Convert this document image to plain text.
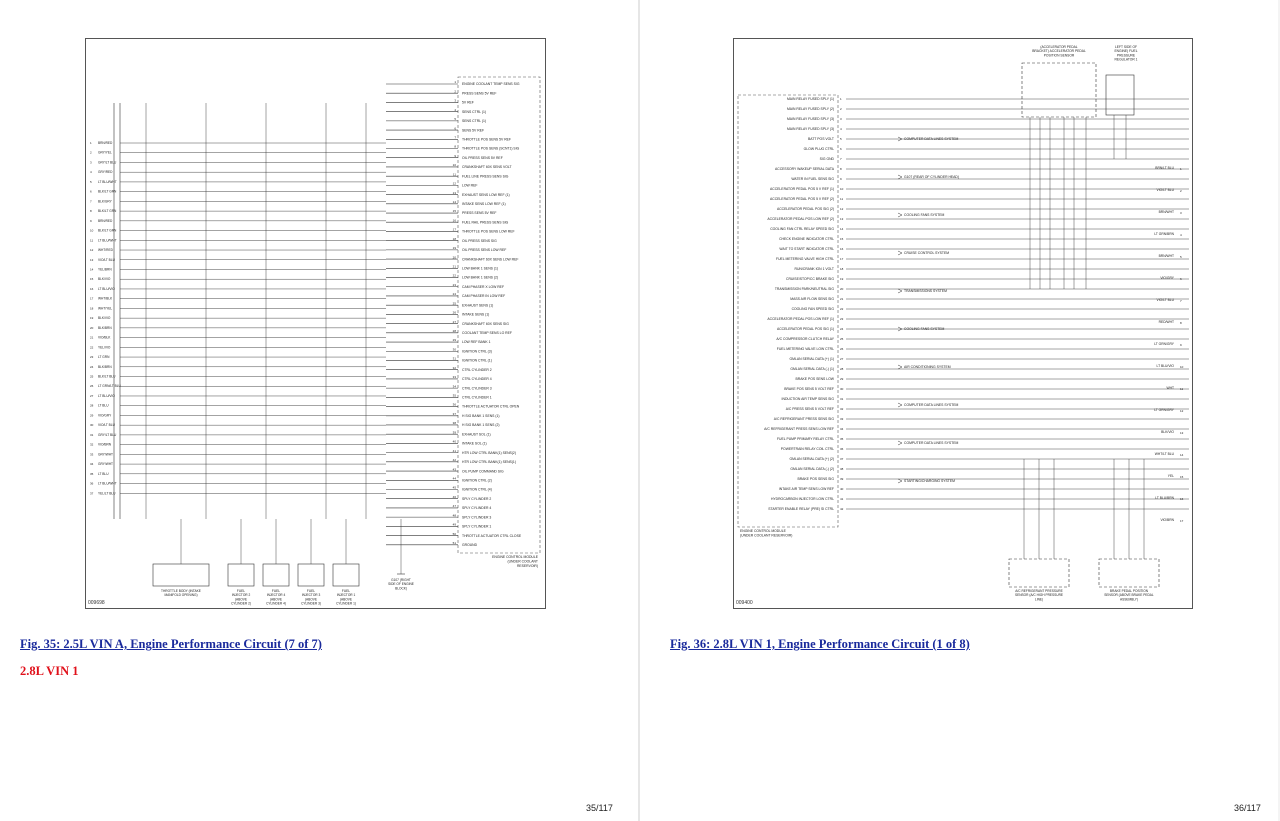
1 ENGINE COOLANT TEMP SENS SIG
2 PRESS SENS 5V REF
3 5V REF
4 SENS CTRL (1)
5 SENS CTRL (1)
6 SENS 5V REF
7 THROTTLE POS SENS 5V REF
8 THROTTLE POS SENS (SCNT1) SIG
9 OIL PRESS SENS 5V REF
10 CRANKSHAFT 60X SENS VOLT
11 FUEL LINE PRESS SENS SIG
12 LOW REF
13 EXHAUST SENS LOW REF (1)
14 INTAKE SENS LOW REF (1)
15 PRESS SENS 5V REF
16 FUEL RAIL PRESS SENS SIG
17 THROTTLE POS SENS LOW REF
18 OIL PRESS SENS SIG
19 OIL PRESS SENS LOW REF
20 CRANKSHAFT 60X SENS LOW REF
21 LOW BANK 1 SENS (1)
22 LOW BANK 1 SENS (2)
23 CAM PHASER X LOW REF
24 CAM PHASER IN LOW REF
25 EXHAUST SENS (1)
26 INTAKE SENS (1)
27 CRANKSHAFT 60X SENS SIG
28 COOLANT TEMP SENS LO REF
29 LOW REF BANK 1
30 IGNITION CTRL (3)
31 IGNITION CTRL (1)
32 CTRL CYLINDER 2
33 CTRL CYLINDER 4
34 CTRL CYLINDER 3
35 CTRL CYLINDER 1
36 THROTTLE ACTUATOR CTRL OPEN
37 H SIG BANK 1 SENS (1)
38 H SIG BANK 1 SENS (2)
39 EXHAUST SOL (1)
40 INTAKE SOL (1)
41 HTR LOW CTRL BANK(1) SENS(2)
42 HTR LOW CTRL BANK(1) SENS(1)
43 OIL PUMP COMMAND SIG
44 IGNITION CTRL (2)
45 IGNITION CTRL (4)
46 SPLY CYLINDER 2
47 SPLY CYLINDER 4
48 SPLY CYLINDER 3
49 SPLY CYLINDER 1
50 THROTTLE ACTUATOR CTRL CLOSE
51 GROUND
ENGINE CONTROL MODULE
(UNDER COOLANT
RESERVOIR)
1 BRN/RED
2 GRY/YEL
3 GRY/LT BLU
4 GRY/RED
5 LT BLU/WHT
6 BLK/LT GRN
7 BLK/GRY
8 BLK/LT GRN
9 BRN/RED
10 BLK/LT GRN
11 LT BLU/WHT
12 WHT/RED
13 VIO/LT BLU
14 YEL/BRN
15 BLK/VIO
16 LT BLU/VIO
17 WHT/BLK
18 WHT/YEL
19 BLK/VIO
20 BLK/BRN
21 VIO/BLK
22 YEL/VIO
23 LT GRN
24 BLK/BRN
25 BLK/LT BLU
26 LT GRN/LT BLU
27 LT BLU/VIO
28 LT BLU
29 VIO/GRY
30 VIO/LT BLU
31 GRY/LT BLU
32 VIO/BRN
33 GRY/WHT
34 GRY/WHT
35 LT BLU
36 LT BLU/WHT
37 YEL/LT BLU
THROTTLE BODY (INTAKE
MANIFOLD OPENING)
FUEL
INJECTOR 2
(ABOVE
CYLINDER 2)
FUEL
INJECTOR 4
(ABOVE
CYLINDER 4)
FUEL
INJECTOR 3
(ABOVE
CYLINDER 3)
FUEL
INJECTOR 1
(ABOVE
CYLINDER 1)
G107 (RIGHT
SIDE OF ENGINE
BLOCK)
009698
Fig. 35: 2.5L VIN A, Engine Performance Circuit (7 of 7)
2.8L VIN 1
35/117
MAIN RELAY FUSED SPLY (1) 1
MAIN RELAY FUSED SPLY (2) 2
MAIN RELAY FUSED SPLY (3) 3
MAIN RELAY FUSED SPLY (3) 4
BATT POS VOLT 5
GLOW PLUG CTRL 6
SIG GND 7
ACCESSORY WAKEUP SERIAL DATA 8
WATER IN FUEL SENS SIG 9
ACCELERATOR PEDAL POS 5 V REF (1) 10
ACCELERATOR PEDAL POS 5 V REF (2) 11
ACCELERATOR PEDAL POS SIG (2) 12
ACCELERATOR PEDAL POS LOW REF (2) 13
COOLING FAN CTRL RELAY SPEED SIG 14
CHECK ENGINE INDICATOR CTRL 15
WAIT TO START INDICATOR CTRL 16
FUEL METERING VALVE HIGH CTRL 17
RUN/CRANK IGN 1 VOLT 18
CRUISE/STOP/CC BRAKE SIG 19
TRANSMISSION PARK/NEUTRAL SIG 20
MASS AIR FLOW SENS SIG 21
COOLING FAN SPEED SIG 22
ACCELERATOR PEDAL POS LOW REF (1) 23
ACCELERATOR PEDAL POS SIG (1) 24
A/C COMPRESSOR CLUTCH RELAY 25
FUEL METERING VALVE LOW CTRL 26
GMLAN SERIAL DATA (+) (1) 27
GMLAN SERIAL DATA (-) (1) 28
BRAKE POS SENS LOW 29
BRAKE POS SENS 5 VOLT REF 30
INDUCTION AIR TEMP SENS SIG 31
A/C PRESS SENS 5 VOLT REF 32
A/C REFRIGERANT PRESS SENS SIG 33
A/C REFRIGERANT PRESS SENS LOW REF 34
FUEL PUMP PRIMARY RELAY CTRL 35
POWERTRAIN RELAY COIL CTRL 36
GMLAN SERIAL DATA (+) (2) 37
GMLAN SERIAL DATA (-) (2) 38
BRAKE POS SENS SIG 39
INTAKE AIR TEMP SENS LOW REF 40
HYDROCARBON INJECTOR LOW CTRL 41
STARTER ENABLE RELAY (PRE) SI CTRL 42
ENGINE CONTROL MODULE
(UNDER COOLANT RESERVOIR)
COMPUTER DATA LINES SYSTEM
G107 (REAR OF CYLINDER HEAD)
COOLING FANS SYSTEM
CRUISE CONTROL SYSTEM
TRANSMISSIONS SYSTEM
COOLING FANS SYSTEM
AIR CONDITIONING SYSTEM
COMPUTER DATA LINES SYSTEM
COMPUTER DATA LINES SYSTEM
STARTING/CHARGING SYSTEM
(ACCELERATOR PEDAL
BRACKET) ACCELERATOR PEDAL
POSITION SENSOR
LEFT SIDE OF
ENGINE) FUEL
PRESSURE
REGULATOR 1
BRN/LT BLU 1
VIO/LT BLU 2
BRN/WHT 3
LT GRN/BRN 4
BRN/WHT 5
VIO/GRY 6
VIO/LT BLU 7
RED/WHT 8
LT GRN/GRY 9
LT BLU/VIO 10
WHT 11
LT GRN/GRY 12
BLK/VIO 13
WHT/LT BLU 14
YEL 15
LT BLU/BRN 16
VIO/BRN 17
A/C REFRIGERANT PRESSURE
SENSOR (A/C HIGH PRESSURE
LINE)
BRAKE PEDAL POSITION
SENSOR (ABOVE BRAKE PEDAL
ASSEMBLY)
009400
Fig. 36: 2.8L VIN 1, Engine Performance Circuit (1 of 8)
36/117
